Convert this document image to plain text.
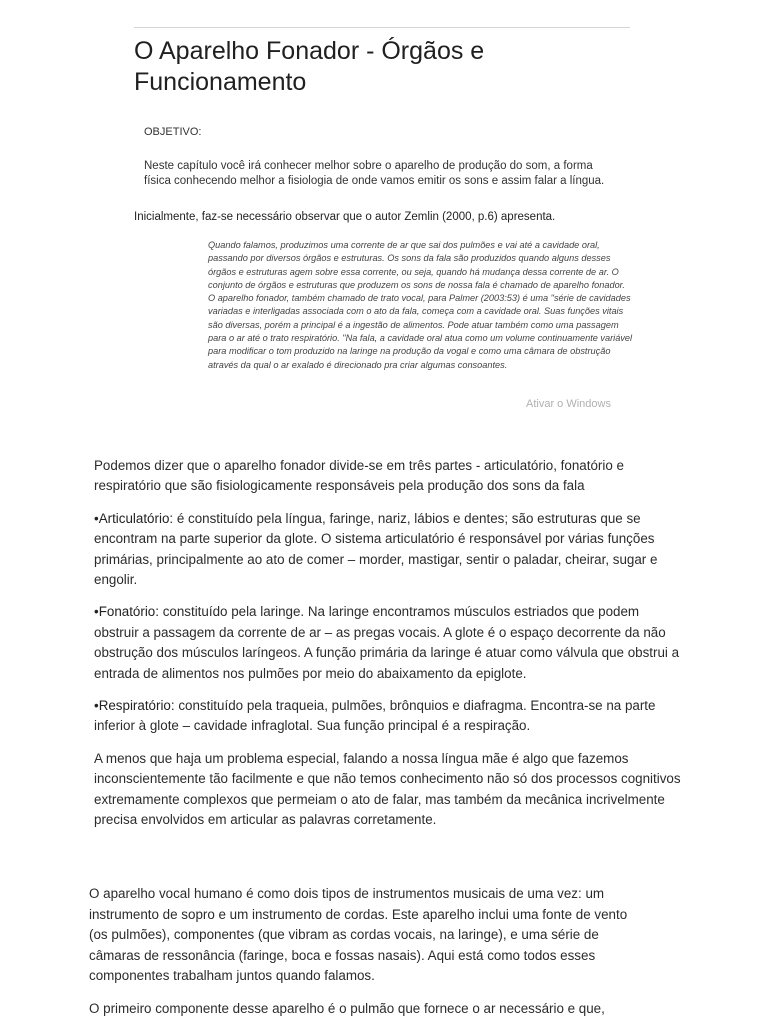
O Aparelho Fonador - Órgãos e Funcionamento
OBJETIVO:
Neste capítulo você irá conhecer melhor sobre o aparelho de produção do som, a forma física conhecendo melhor a fisiologia de onde vamos emitir os sons e assim falar a língua.
Inicialmente, faz-se necessário observar que o autor Zemlin (2000, p.6) apresenta.
Quando falamos, produzimos uma corrente de ar que sai dos pulmões e vai até a cavidade oral, passando por diversos órgãos e estruturas. Os sons da fala são produzidos quando alguns desses órgãos e estruturas agem sobre essa corrente, ou seja, quando há mudança dessa corrente de ar. O conjunto de órgãos e estruturas que produzem os sons de nossa fala é chamado de aparelho fonador. O aparelho fonador, também chamado de trato vocal, para Palmer (2003:53) é uma "série de cavidades variadas e interligadas associada com o ato da fala, começa com a cavidade oral. Suas funções vitais são diversas, porém a principal é a ingestão de alimentos. Pode atuar também como uma passagem para o ar até o trato respiratório. "Na fala, a cavidade oral atua como um volume continuamente variável para modificar o tom produzido na laringe na produção da vogal e como uma câmara de obstrução através da qual o ar exalado é direcionado pra criar algumas consoantes.
Ativar o Windows

Podemos dizer que o aparelho fonador divide-se em três partes - articulatório, fonatório e respiratório que são fisiologicamente responsáveis pela produção dos sons da fala

•Articulatório: é constituído pela língua, faringe, nariz, lábios e dentes; são estruturas que se encontram na parte superior da glote. O sistema articulatório é responsável por várias funções primárias, principalmente ao ato de comer – morder, mastigar, sentir o paladar, cheirar, sugar e engolir.

•Fonatório: constituído pela laringe. Na laringe encontramos músculos estriados que podem obstruir a passagem da corrente de ar – as pregas vocais. A glote é o espaço decorrente da não obstrução dos músculos laríngeos. A função primária da laringe é atuar como válvula que obstrui a entrada de alimentos nos pulmões por meio do abaixamento da epiglote.

•Respiratório: constituído pela traqueia, pulmões, brônquios e diafragma. Encontra-se na parte inferior à glote – cavidade infraglotal. Sua função principal é a respiração.

A menos que haja um problema especial, falando a nossa língua mãe é algo que fazemos inconscientemente tão facilmente e que não temos conhecimento não só dos processos cognitivos extremamente complexos que permeiam o ato de falar, mas também da mecânica incrivelmente precisa envolvidos em articular as palavras corretamente.

O aparelho vocal humano é como dois tipos de instrumentos musicais de uma vez: um instrumento de sopro e um instrumento de cordas. Este aparelho inclui uma fonte de vento (os pulmões), componentes (que vibram as cordas vocais, na laringe), e uma série de câmaras de ressonância (faringe, boca e fossas nasais). Aqui está como todos esses componentes trabalham juntos quando falamos.

O primeiro componente desse aparelho é o pulmão que fornece o ar necessário e que,
